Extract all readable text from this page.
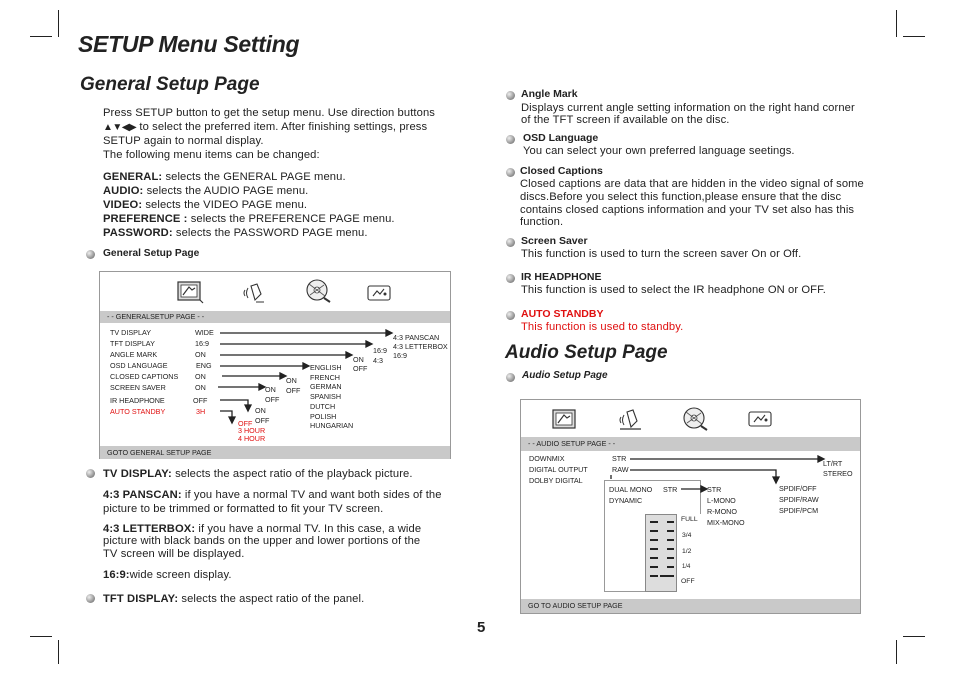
SETUP Menu Setting
General Setup Page
Press SETUP button to get the setup menu. Use direction buttons
▲▼◀▶ to select the preferred item. After finishing settings, press
SETUP again to normal display.
The following menu items can be changed:
GENERAL: selects the GENERAL PAGE menu.
AUDIO: selects the AUDIO PAGE menu.
VIDEO: selects the VIDEO PAGE menu.
PREFERENCE : selects the PREFERENCE PAGE menu.
PASSWORD: selects the PASSWORD PAGE menu.
General Setup Page
- - GENERALSETUP PAGE - -
GOTO GENERAL SETUP PAGE
TV DISPLAY	WIDE
TFT DISPLAY	16:9
ANGLE MARK	ON
OSD LANGUAGE	ENG
CLOSED CAPTIONS ON
SCREEN SAVER	ON
IR HEADPHONE	OFF
AUTO STANDBY	3H
4:3 PANSCAN
4:3 LETTERBOX
16:9
16:9
4:3
ON
OFF
ENGLISH
FRENCH
GERMAN
SPANISH
DUTCH
POLISH
HUNGARIAN
ON
OFF
ON
OFF
ON
OFF
OFF
3 HOUR
4 HOUR
TV DISPLAY: selects the aspect ratio of the playback picture.
4:3 PANSCAN: if you have a normal TV and want both sides of the
picture to be trimmed or formatted to fit your TV screen.
4:3 LETTERBOX: if you have a normal TV. In this case, a wide
picture with black bands on the upper and lower portions of the
TV screen will be displayed.
16:9:wide screen display.
TFT DISPLAY: selects the aspect ratio of the panel.
5
Angle Mark
Displays current angle setting information on the right hand corner
of the TFT screen if available on the disc.
OSD Language
You can select your own preferred language seetings.
Closed Captions
Closed captions are data that are hidden in the video signal of some
discs.Before you select this function,please ensure that the disc
contains closed captions information and your TV set also has this
function.
Screen Saver
This function is used to turn the screen saver On or Off.
IR HEADPHONE
This function is used to select the IR headphone ON or OFF.
AUTO STANDBY
This function is used to standby.
Audio Setup Page
Audio Setup Page
- - AUDIO SETUP PAGE - -
GO TO AUDIO SETUP PAGE
DOWNMIX	STR
DIGITAL OUTPUT	RAW
DOLBY DIGITAL
LT/RT
STEREO
SPDIF/OFF
SPDIF/RAW
SPDIF/PCM
DUAL MONO STR
DYNAMIC
STR
L-MONO
R-MONO
MIX-MONO
FULL
3/4
1/2
1/4
OFF
